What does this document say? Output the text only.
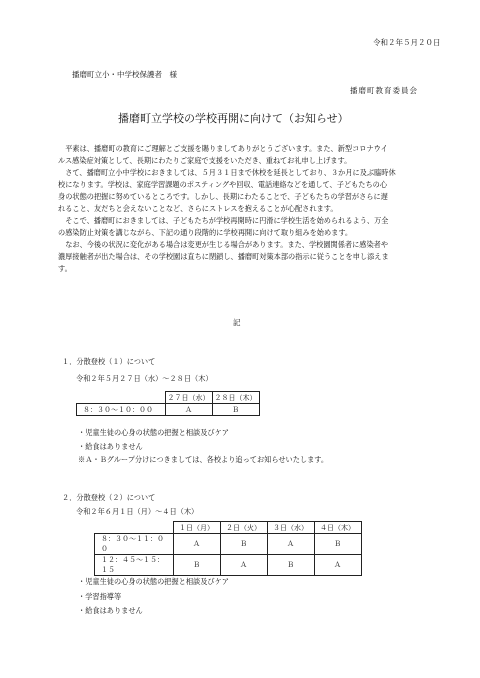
令和２年５月２０日
播磨町立小・中学校保護者　様
播磨町教育委員会
播磨町立学校の学校再開に向けて（お知らせ）

　平素は、播磨町の教育にご理解とご支援を賜りましてありがとうございます。また、新型コロナウイ

ルス感染症対策として、長期にわたりご家庭で支援をいただき、重ねてお礼申し上げます。

　さて、播磨町立小中学校におきましては、５月３１日まで休校を延長としており、３か月に及ぶ臨時休

校になります。学校は、家庭学習課題のポスティングや回収、電話連絡などを通して、子どもたちの心

身の状態の把握に努めているところです。しかし、長期にわたることで、子どもたちの学習がさらに遅

れること、友だちと会えないことなど、さらにストレスを抱えることが心配されます。

　そこで、播磨町におきましては、子どもたちが学校再開時に円滑に学校生活を始められるよう、万全

の感染防止対策を講じながら、下記の通り段階的に学校再開に向けて取り組みを始めます。

　なお、今後の状況に変化がある場合は変更が生じる場合があります。また、学校園関係者に感染者や

濃厚接触者が出た場合は、その学校園は直ちに閉鎖し、播磨町対策本部の指示に従うことを申し添えま

す。

記
１．分散登校（１）について
令和２年５月２７日（水）～２８日（木）
	２７日（水）	２８日（木）
８：３０～１０：００	Ａ	Ｂ
・児童生徒の心身の状態の把握と相談及びケア
・給食はありません
※Ａ・Ｂグループ分けにつきましては、各校より追ってお知らせいたします。
２．分散登校（２）について
令和２年６月１日（月）～４日（木）
	１日（月）	２日（火）	３日（水）	４日（木）
８：３０～１１：００	Ａ	Ｂ	Ａ	Ｂ
１２：４５～１５：１５	Ｂ	Ａ	Ｂ	Ａ
・児童生徒の心身の状態の把握と相談及びケア
・学習指導等
・給食はありません
